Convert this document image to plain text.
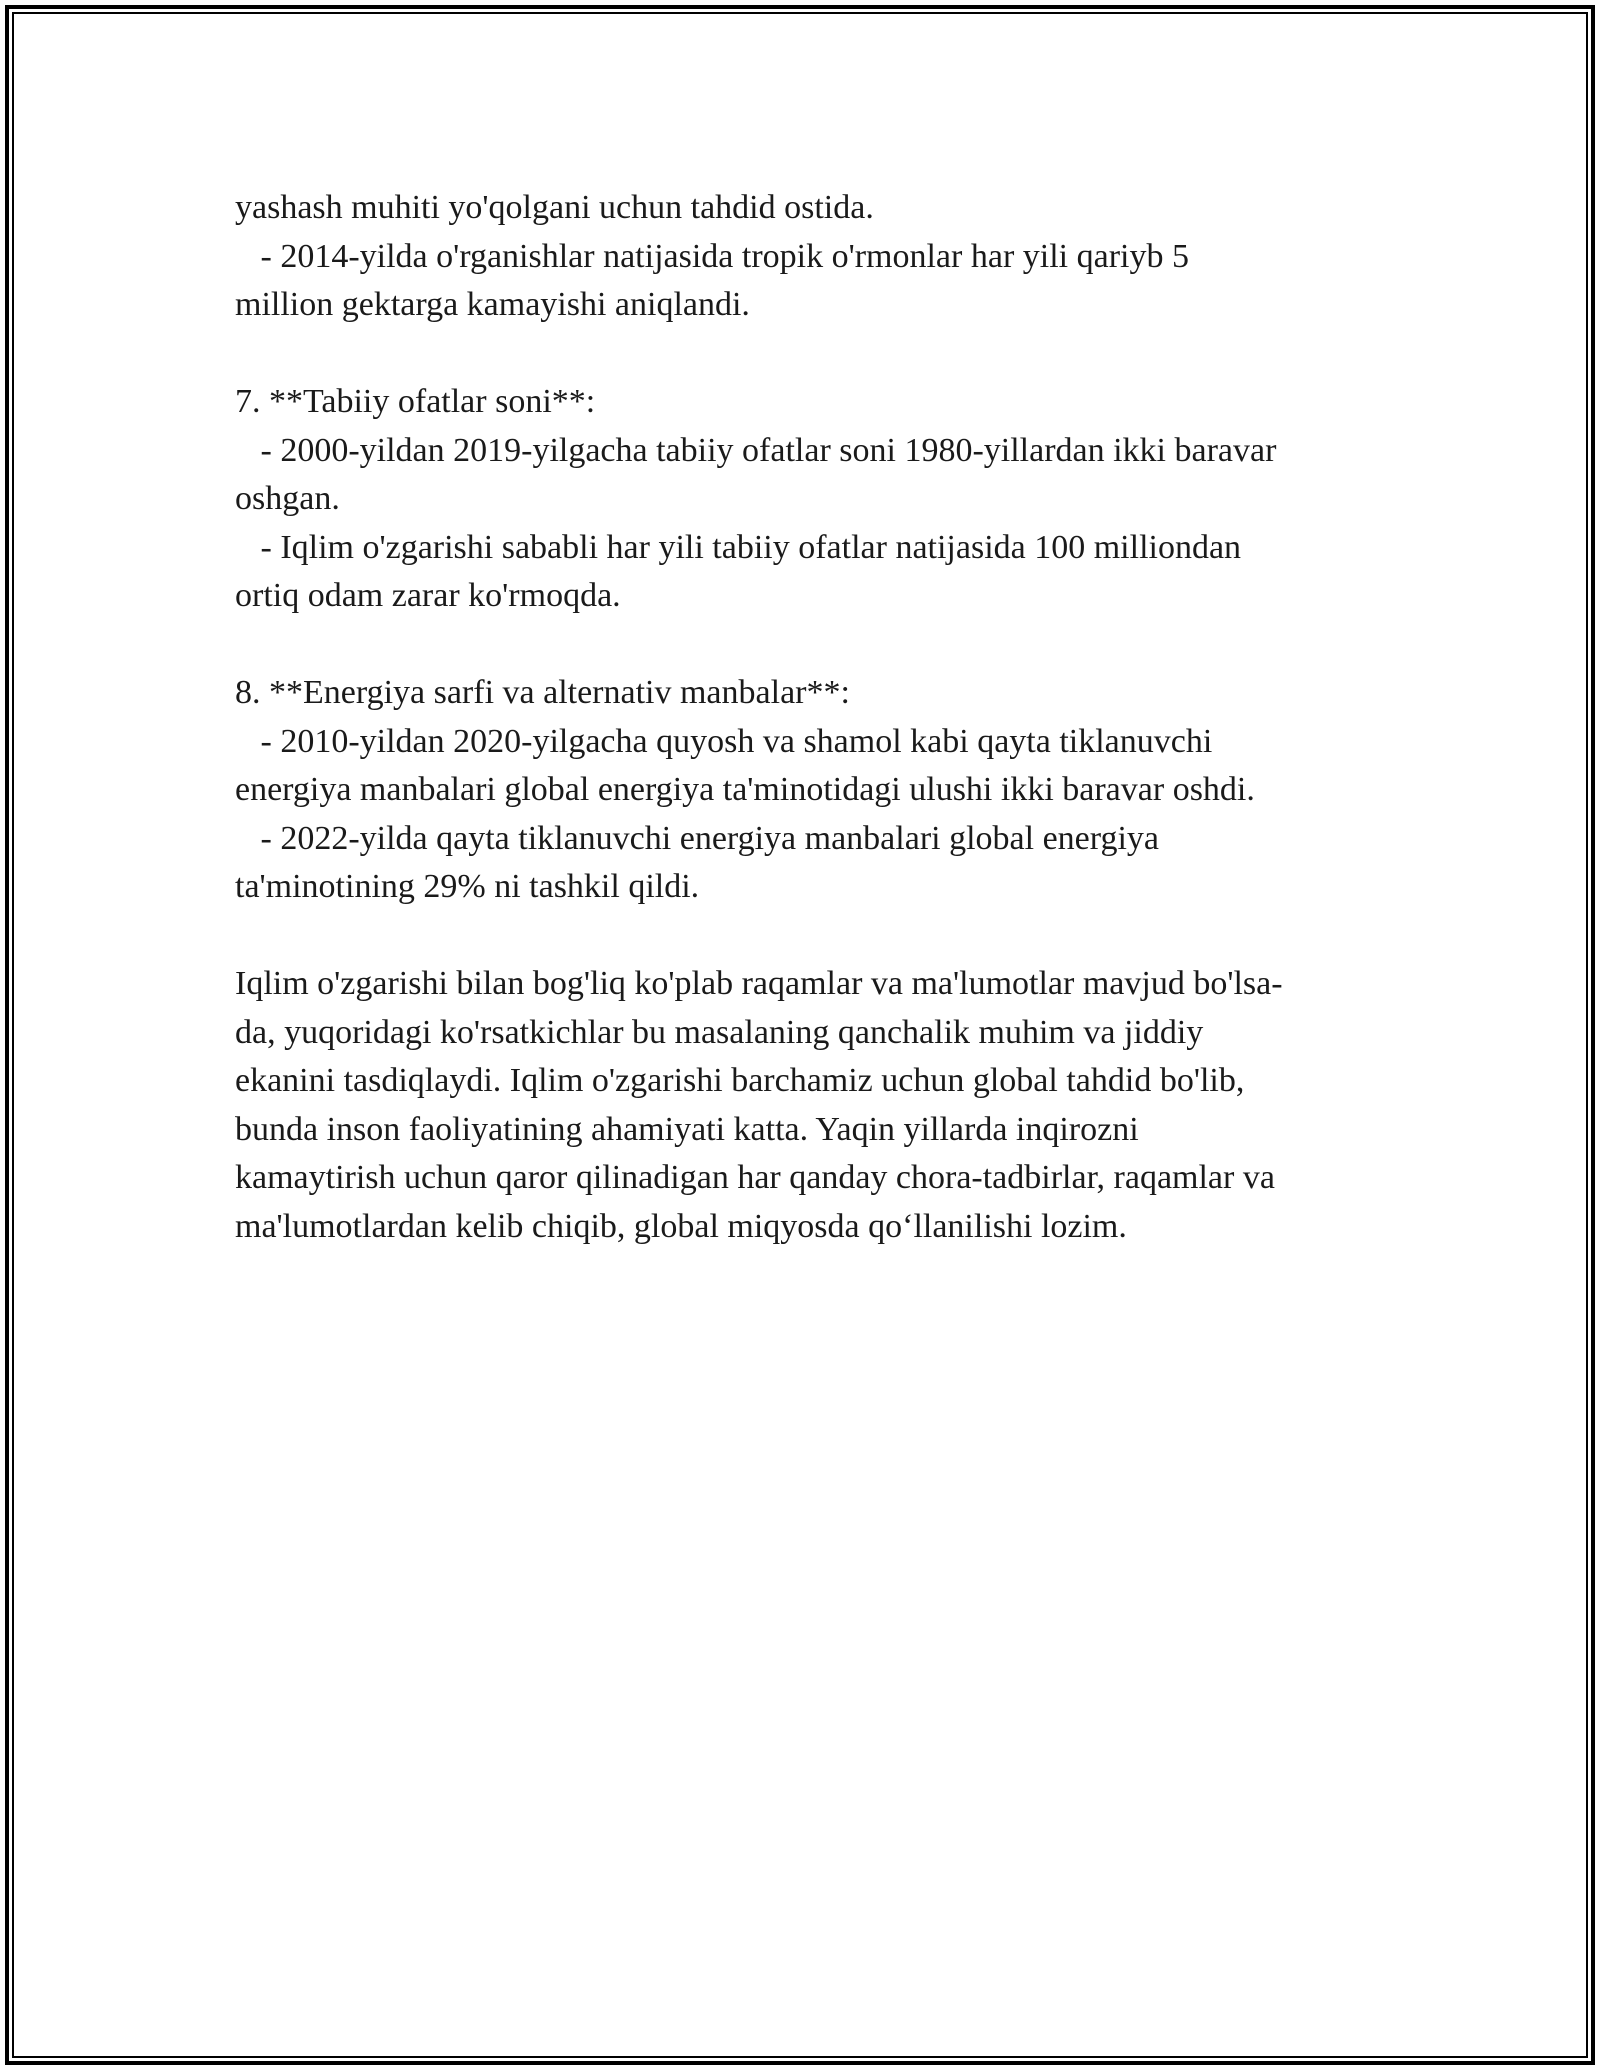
yashash muhiti yo'qolgani uchun tahdid ostida.

- 2014-yilda o'rganishlar natijasida tropik o'rmonlar har yili qariyb 5

million gektarga kamayishi aniqlandi.

7. **Tabiiy ofatlar soni**:

- 2000-yildan 2019-yilgacha tabiiy ofatlar soni 1980-yillardan ikki baravar

oshgan.

- Iqlim o'zgarishi sababli har yili tabiiy ofatlar natijasida 100 milliondan

ortiq odam zarar ko'rmoqda.

8. **Energiya sarfi va alternativ manbalar**:

- 2010-yildan 2020-yilgacha quyosh va shamol kabi qayta tiklanuvchi

energiya manbalari global energiya ta'minotidagi ulushi ikki baravar oshdi.

- 2022-yilda qayta tiklanuvchi energiya manbalari global energiya

ta'minotining 29% ni tashkil qildi.

Iqlim o'zgarishi bilan bog'liq ko'plab raqamlar va ma'lumotlar mavjud bo'lsa-

da, yuqoridagi ko'rsatkichlar bu masalaning qanchalik muhim va jiddiy

ekanini tasdiqlaydi. Iqlim o'zgarishi barchamiz uchun global tahdid bo'lib,

bunda inson faoliyatining ahamiyati katta. Yaqin yillarda inqirozni

kamaytirish uchun qaror qilinadigan har qanday chora-tadbirlar, raqamlar va

ma'lumotlardan kelib chiqib, global miqyosda qo‘llanilishi lozim.
